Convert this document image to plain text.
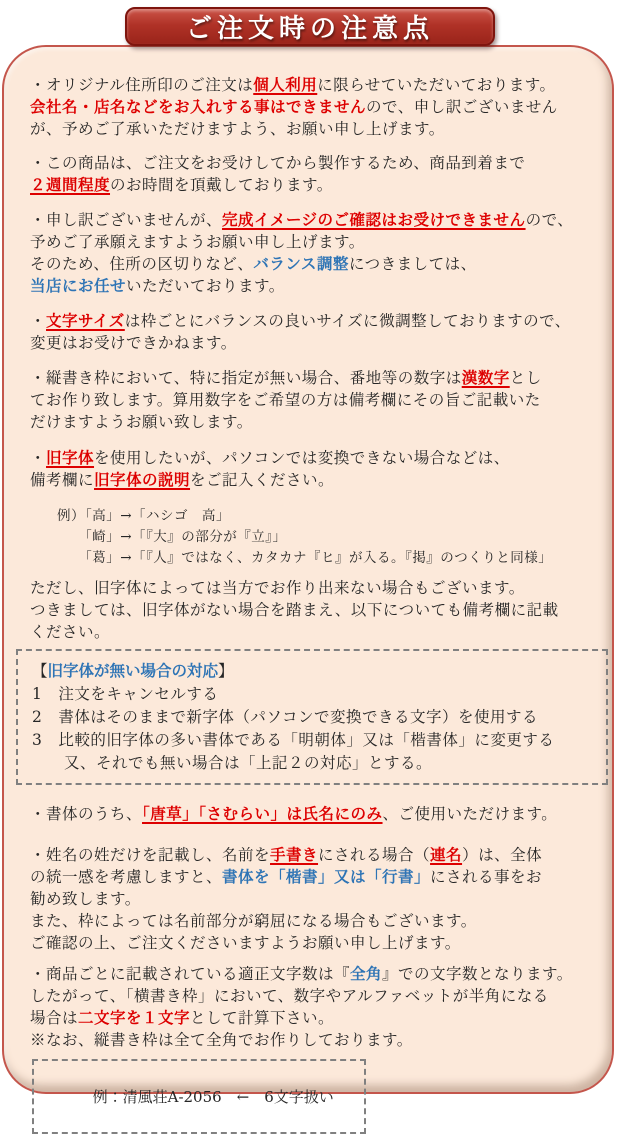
ご注文時の注意点
・オリジナル住所印のご注文は個人利用に限らせていただいております。
会社名・店名などをお入れする事はできませんので、申し訳ございません
が、予めご了承いただけますよう、お願い申し上げます。
・この商品は、ご注文をお受けしてから製作するため、商品到着まで
２週間程度のお時間を頂戴しております。
・申し訳ございませんが、完成イメージのご確認はお受けできませんので、
予めご了承願えますようお願い申し上げます。
そのため、住所の区切りなど、バランス調整につきましては、
当店にお任せいただいております。
・文字サイズは枠ごとにバランスの良いサイズに微調整しておりますので、
変更はお受けできかねます。
・縦書き枠において、特に指定が無い場合、番地等の数字は漢数字とし
てお作り致します。算用数字をご希望の方は備考欄にその旨ご記載いた
だけますようお願い致します。
・旧字体を使用したいが、パソコンでは変換できない場合などは、
備考欄に旧字体の説明をご記入ください。
例）「高」→「ハシゴ　高」
　　「崎」→「『大』の部分が『立』」
　　「葛」→「『人』ではなく、カタカナ『ヒ』が入る。『掲』のつくりと同様」
ただし、旧字体によっては当方でお作り出来ない場合もございます。
つきましては、旧字体がない場合を踏まえ、以下についても備考欄に記載
ください。
【旧字体が無い場合の対応】
1　注文をキャンセルする
2　書体はそのままで新字体（パソコンで変換できる文字）を使用する
3　比較的旧字体の多い書体である「明朝体」又は「楷書体」に変更する
　　又、それでも無い場合は「上記２の対応」とする。
・書体のうち、「唐草」「さむらい」は氏名にのみ、ご使用いただけます。
・姓名の姓だけを記載し、名前を手書きにされる場合（連名）は、全体
の統一感を考慮しますと、書体を「楷書」又は「行書」にされる事をお
勧め致します。
また、枠によっては名前部分が窮屈になる場合もございます。
ご確認の上、ご注文くださいますようお願い申し上げます。
・商品ごとに記載されている適正文字数は『全角』での文字数となります。
したがって、「横書き枠」において、数字やアルファベットが半角になる
場合は二文字を１文字として計算下さい。
※なお、縦書き枠は全て全角でお作りしております。

例：清風荘A-2056　←　6文字扱い
